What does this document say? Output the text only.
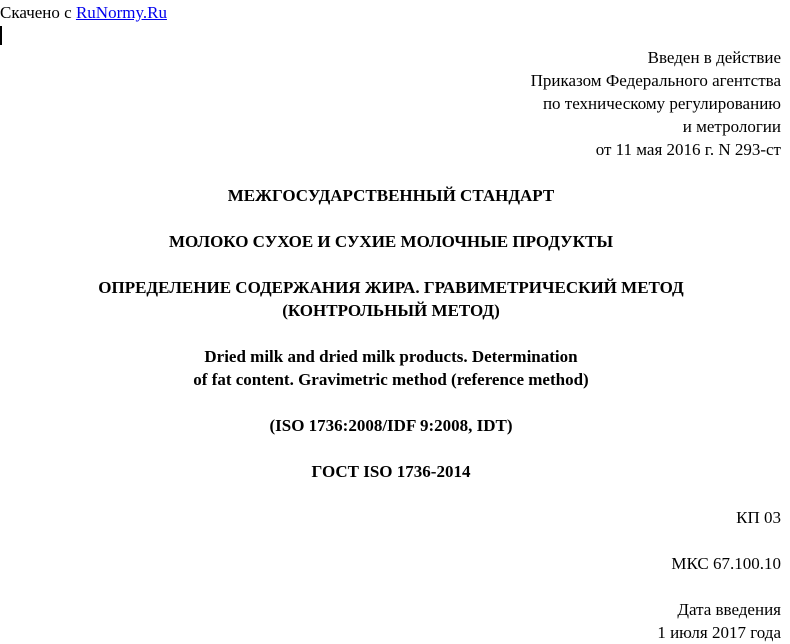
Скачено с RuNormy.Ru
Введен в действие
Приказом Федерального агентства
по техническому регулированию
и метрологии
от 11 мая 2016 г. N 293-ст
МЕЖГОСУДАРСТВЕННЫЙ СТАНДАРТ
МОЛОКО СУХОЕ И СУХИЕ МОЛОЧНЫЕ ПРОДУКТЫ
ОПРЕДЕЛЕНИЕ СОДЕРЖАНИЯ ЖИРА. ГРАВИМЕТРИЧЕСКИЙ МЕТОД
(КОНТРОЛЬНЫЙ МЕТОД)
Dried milk and dried milk products. Determination
of fat content. Gravimetric method (reference method)
(ISO 1736:2008/IDF 9:2008, IDT)
ГОСТ ISO 1736-2014
КП 03
МКС 67.100.10
Дата введения
1 июля 2017 года
